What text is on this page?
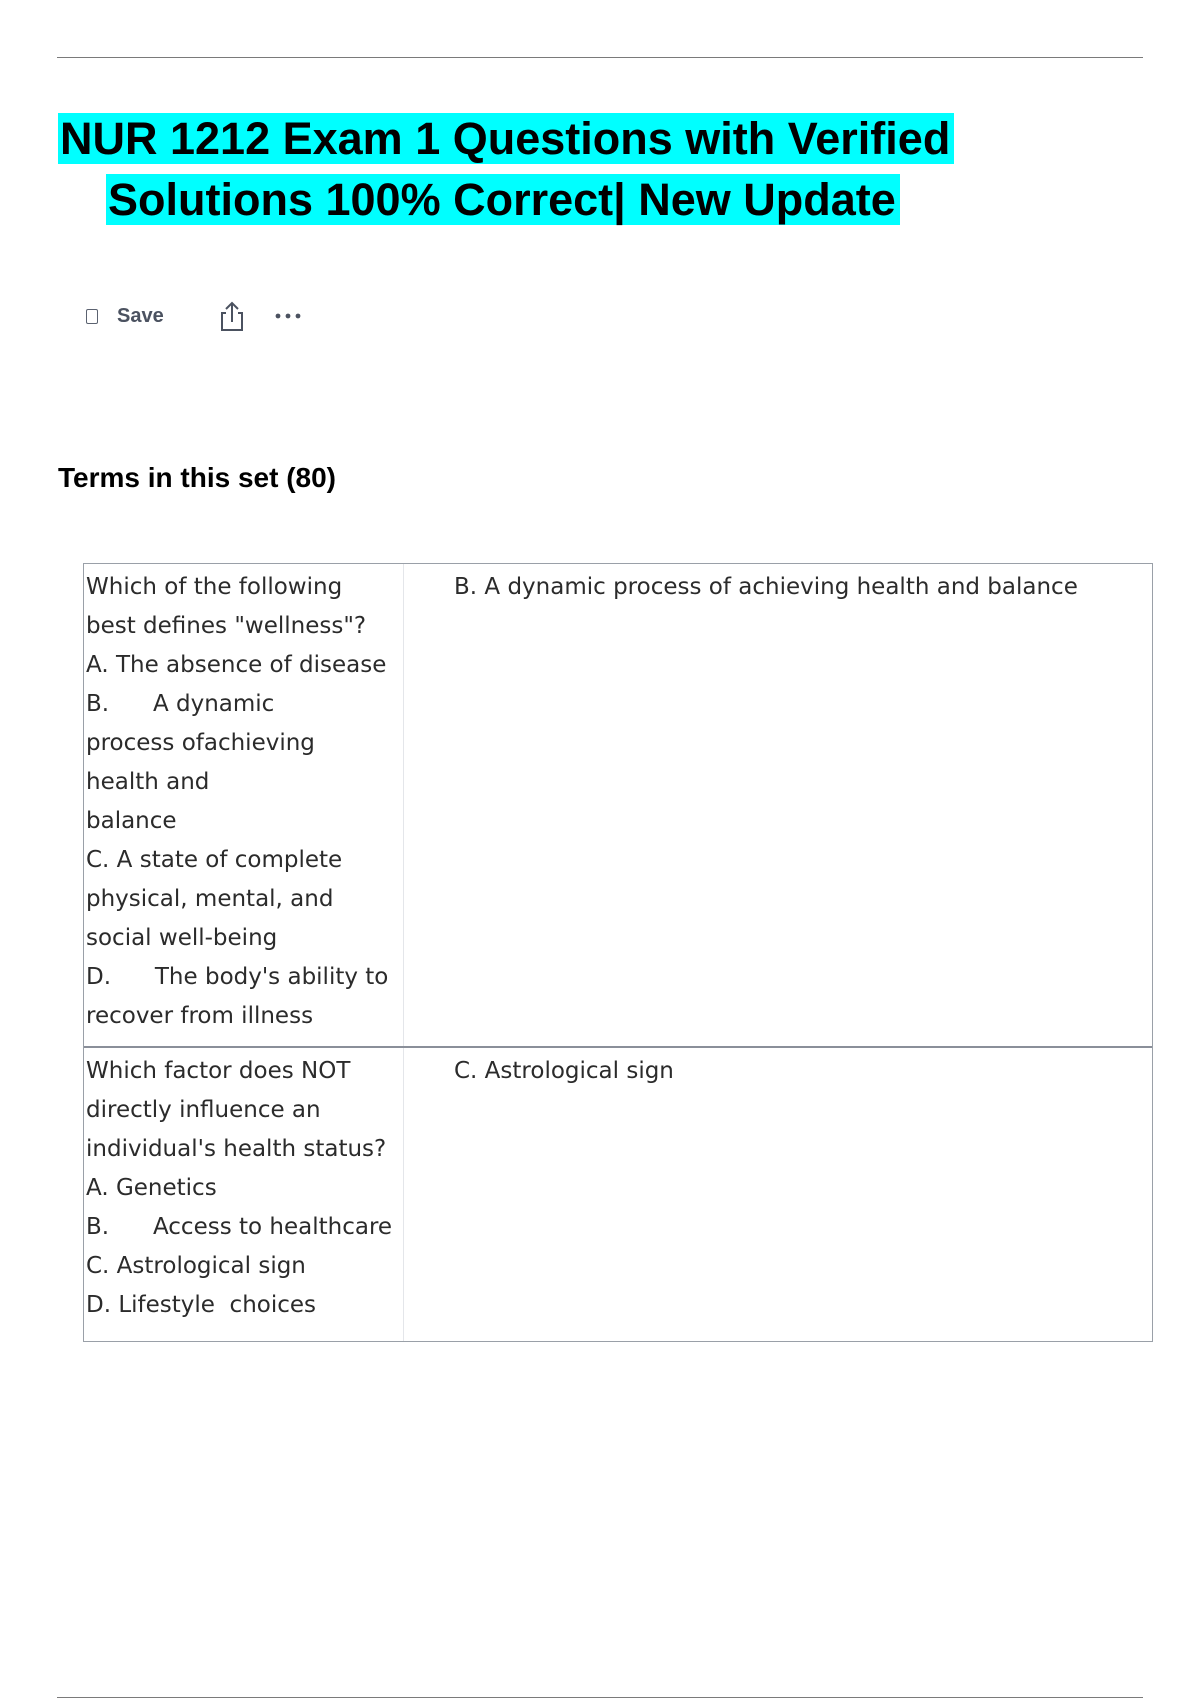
NUR 1212 Exam 1 Questions with Verified
Solutions 100% Correct| New Update
Save
Terms in this set (80)
Which of the following
best defines "wellness"?
A. The absence of disease
B.      A dynamic
process ofachieving
health and
balance
C. A state of complete
physical, mental, and
social well-being
D.      The body's ability to
recover from illness
B. A dynamic process of achieving health and balance
Which factor does NOT
directly influence an
individual's health status?
A. Genetics
B.      Access to healthcare
C. Astrological sign
D. Lifestyle  choices
C. Astrological sign
